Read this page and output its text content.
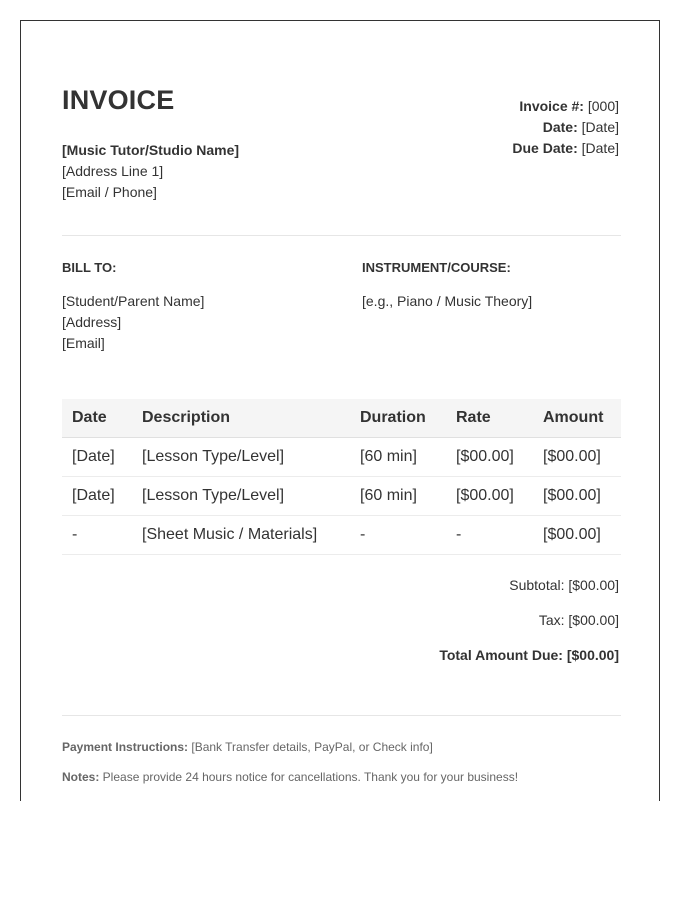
INVOICE
[Music Tutor/Studio Name]
[Address Line 1]
[Email / Phone]
Invoice #: [000]
Date: [Date]
Due Date: [Date]
BILL TO:
[Student/Parent Name]
[Address]
[Email]
INSTRUMENT/COURSE:
[e.g., Piano / Music Theory]
Date	Description	Duration	Rate	Amount
[Date]	[Lesson Type/Level]	[60 min]	[$00.00]	[$00.00]
[Date]	[Lesson Type/Level]	[60 min]	[$00.00]	[$00.00]
-	[Sheet Music / Materials]	-	-	[$00.00]
Subtotal: [$00.00]
Tax: [$00.00]
Total Amount Due: [$00.00]
Payment Instructions: [Bank Transfer details, PayPal, or Check info]
Notes: Please provide 24 hours notice for cancellations. Thank you for your business!
